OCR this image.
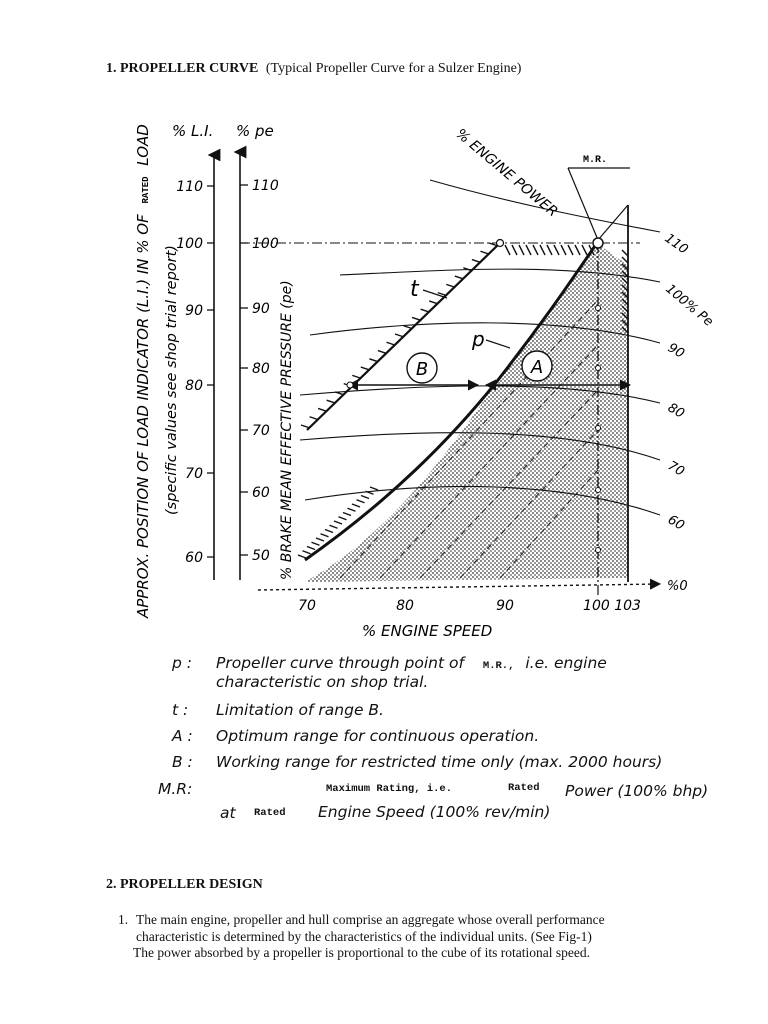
1. PROPELLER CURVE (Typical Propeller Curve for a Sulzer Engine)
APPROX. POSITION OF LOAD INDICATOR (L.I.) IN % OF RATED LOAD
(specific values see shop trial report)
% L.I. % pe
110
100
90
80
70
60
110
100
90
80
70
60
50 % BRAKE MEAN EFFECTIVE PRESSURE (pe)	B	A
t
p
M.R.
% ENGINE POWER
110
100% Pe
90
80
70
60
%0
70	80	90	100 103
% ENGINE SPEED
p :	Propeller curve through point of M.R., i.e. engine
characteristic on shop trial.
t :	Limitation of range B.
A :	Optimum range for continuous operation.
B :	Working range for restricted time only (max. 2000 hours)
M.R:	Maximum Rating, i.e.	Rated Power (100% bhp)
at Rated Engine Speed (100% rev/min)
2. PROPELLER DESIGN
1. The main engine, propeller and hull comprise an aggregate whose overall performance
characteristic is determined by the characteristics of the individual units. (See Fig-1)
The power absorbed by a propeller is proportional to the cube of its rotational speed.
